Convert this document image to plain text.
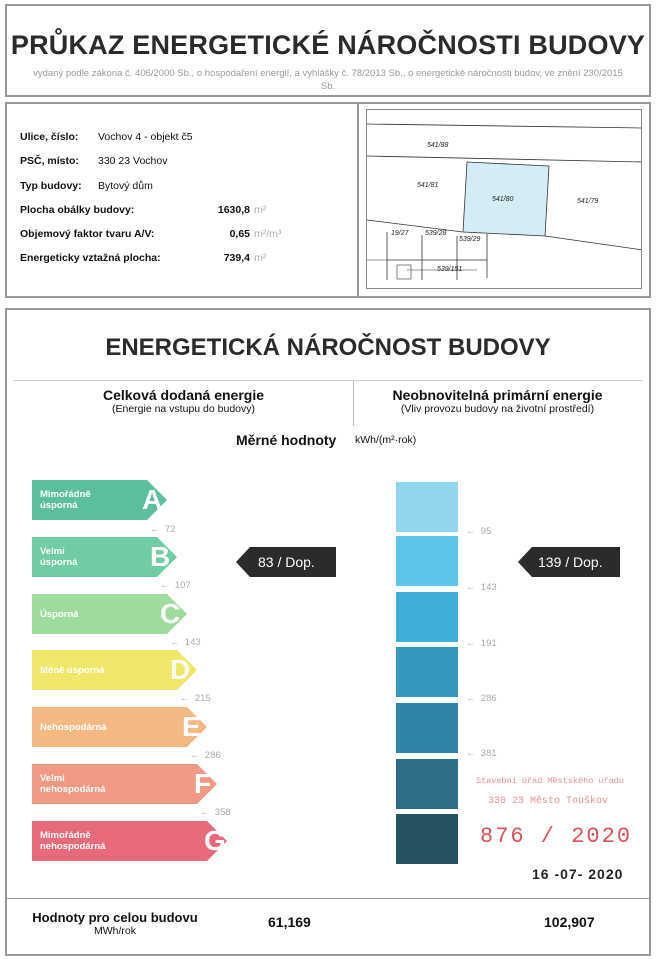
PRŮKAZ ENERGETICKÉ NÁROČNOSTI BUDOVY
vydaný podle zákona č. 406/2000 Sb., o hospodaření energií, a vyhlášky č. 78/2013 Sb., o energetické náročnosti budov, ve znění 230/2015 Sb.
Ulice, číslo: Vochov 4 - objekt č5
PSČ, místo: 330 23 Vochov
Typ budovy: Bytový dům
Plocha obálky budovy:	1630,8 m²
Objemový faktor tvaru A/V:	0,65 m²/m³
Energeticky vztažná plocha:	739,4 m²
541/88
541/81
541/80	541/79
19/27 539/28
539/29
539/151
ENERGETICKÁ NÁROČNOST BUDOVY
Celková dodaná energie
(Energie na vstupu do budovy)
Neobnovitelná primární energie
(Vliv provozu budovy na životní prostředí)
Měrné hodnoty kWh/(m²·rok)
Mimořádně
úsporná	A
Velmi
úsporná	B
Úsporná	C
Méně úsporná D
Nehospodárná	E
Velmi
nehospodárná	F
Mimořádně
nehospodárná	G
←  72
←  107
←  143
←  215
←  286
←  358
83 / Dop.
←  95
←  143
←  191
←  286
←  381
139 / Dop.
Stavební úřad Městského úřadu
330 23 Město Touškov
876 / 2020
16 -07- 2020
Hodnoty pro celou budovu
MWh/rok
61,169	102,907
